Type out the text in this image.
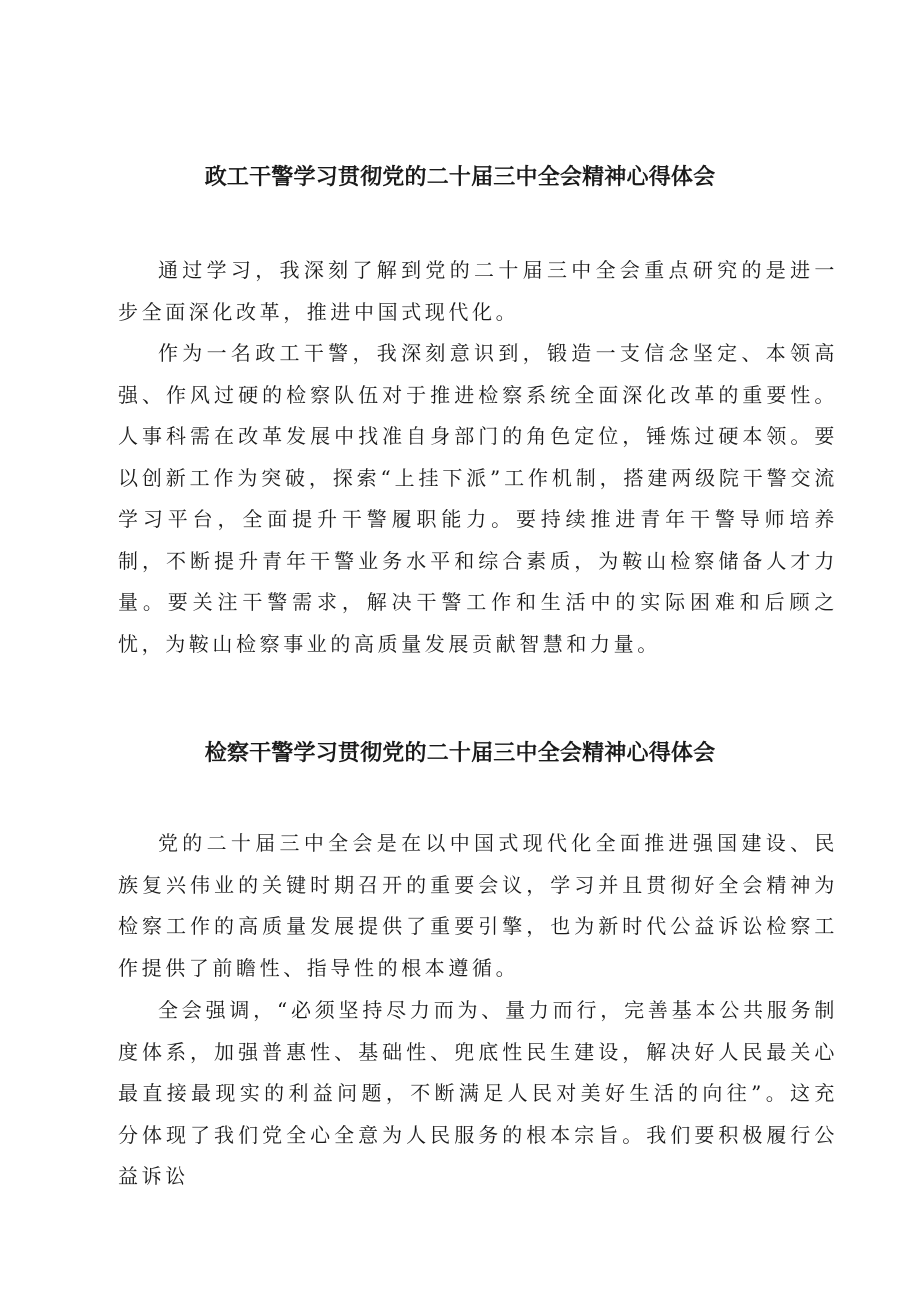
政工干警学习贯彻党的二十届三中全会精神心得体会

通过学习，我深刻了解到党的二十届三中全会重点研究的是进一步全面深化改革，推进中国式现代化。

作为一名政工干警，我深刻意识到，锻造一支信念坚定、本领高强、作风过硬的检察队伍对于推进检察系统全面深化改革的重要性。人事科需在改革发展中找准自身部门的角色定位，锤炼过硬本领。要以创新工作为突破，探索“上挂下派”工作机制，搭建两级院干警交流学习平台，全面提升干警履职能力。要持续推进青年干警导师培养制，不断提升青年干警业务水平和综合素质，为鞍山检察储备人才力量。要关注干警需求，解决干警工作和生活中的实际困难和后顾之忧，为鞍山检察事业的高质量发展贡献智慧和力量。

检察干警学习贯彻党的二十届三中全会精神心得体会

党的二十届三中全会是在以中国式现代化全面推进强国建设、民族复兴伟业的关键时期召开的重要会议，学习并且贯彻好全会精神为检察工作的高质量发展提供了重要引擎，也为新时代公益诉讼检察工作提供了前瞻性、指导性的根本遵循。

全会强调，“必须坚持尽力而为、量力而行，完善基本公共服务制度体系，加强普惠性、基础性、兜底性民生建设，解决好人民最关心最直接最现实的利益问题，不断满足人民对美好生活的向往”。这充分体现了我们党全心全意为人民服务的根本宗旨。我们要积极履行公益诉讼
